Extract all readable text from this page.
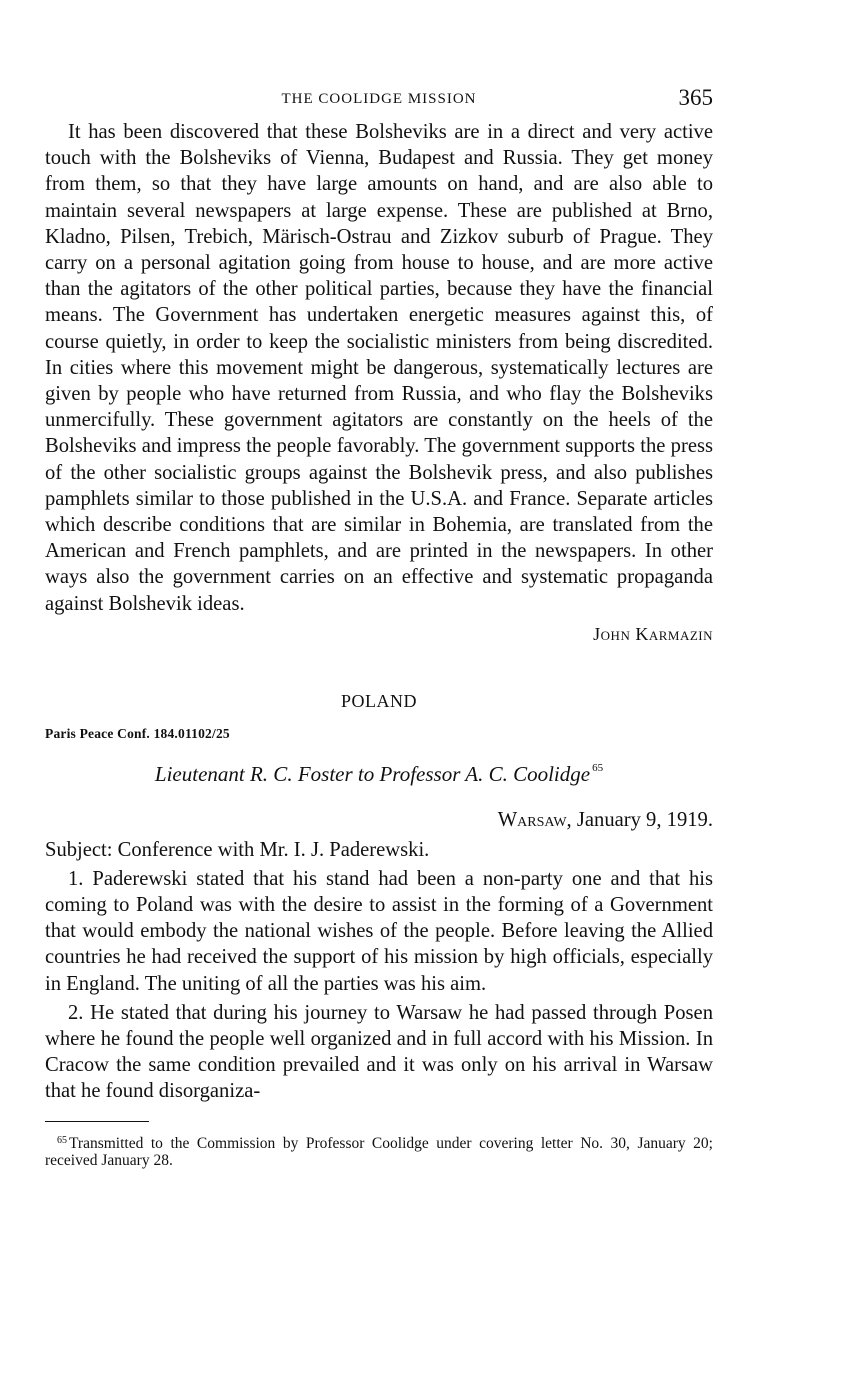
THE COOLIDGE MISSION	365

It has been discovered that these Bolsheviks are in a direct and very active touch with the Bolsheviks of Vienna, Budapest and Russia. They get money from them, so that they have large amounts on hand, and are also able to maintain several newspapers at large expense. These are published at Brno, Kladno, Pilsen, Trebich, Märisch-Ostrau and Zizkov suburb of Prague. They carry on a personal agitation going from house to house, and are more active than the agitators of the other political parties, because they have the financial means. The Government has undertaken energetic measures against this, of course quietly, in order to keep the socialistic ministers from being discredited. In cities where this movement might be dangerous, systematically lectures are given by people who have returned from Russia, and who flay the Bolsheviks unmercifully. These government agitators are constantly on the heels of the Bolsheviks and impress the people favorably. The government supports the press of the other socialistic groups against the Bolshevik press, and also publishes pamphlets similar to those published in the U.S.A. and France. Separate articles which describe conditions that are similar in Bohemia, are translated from the American and French pamphlets, and are printed in the newspapers. In other ways also the government carries on an effective and systematic propaganda against Bolshevik ideas.

John Karmazin
POLAND
Paris Peace Conf. 184.01102/25
Lieutenant R. C. Foster to Professor A. C. Coolidge $^{65}$
Warsaw, January 9, 1919.
Subject: Conference with Mr. I. J. Paderewski.

1. Paderewski stated that his stand had been a non-party one and that his coming to Poland was with the desire to assist in the forming of a Government that would embody the national wishes of the people. Before leaving the Allied countries he had received the support of his mission by high officials, especially in England. The uniting of all the parties was his aim.

2. He stated that during his journey to Warsaw he had passed through Posen where he found the people well organized and in full accord with his Mission. In Cracow the same condition prevailed and it was only on his arrival in Warsaw that he found disorganiza-

$^{65}$ Transmitted to the Commission by Professor Coolidge under covering letter No. 30, January 20; received January 28.
